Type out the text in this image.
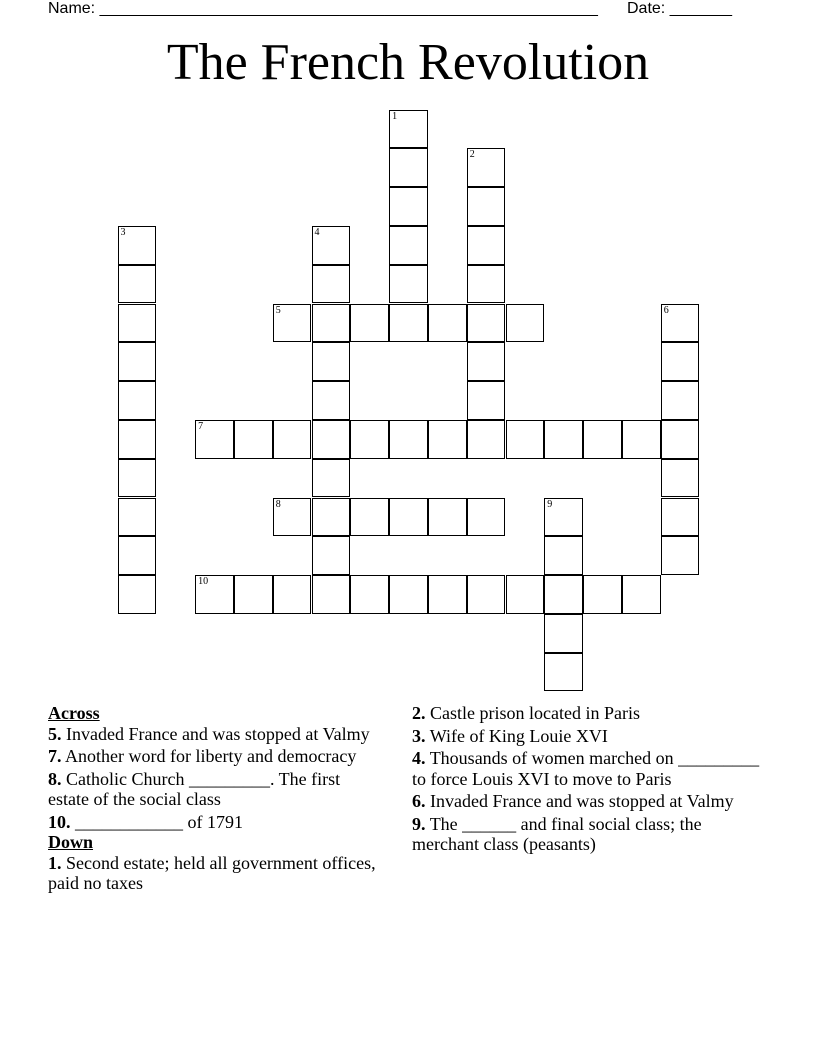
Name: ________________________________________________________ Date: _______
The French Revolution
1
2
3	4
5	6
7
8	9
10

Across

5. Invaded France and was stopped at Valmy

7. Another word for liberty and democracy

8. Catholic Church _________. The first estate of the social class

10. ____________ of 1791

Down

1. Second estate; held all government offices, paid no taxes

2. Castle prison located in Paris

3. Wife of King Louie XVI

4. Thousands of women marched on _________ to force Louis XVI to move to Paris

6. Invaded France and was stopped at Valmy

9. The ______ and final social class; the merchant class (peasants)
